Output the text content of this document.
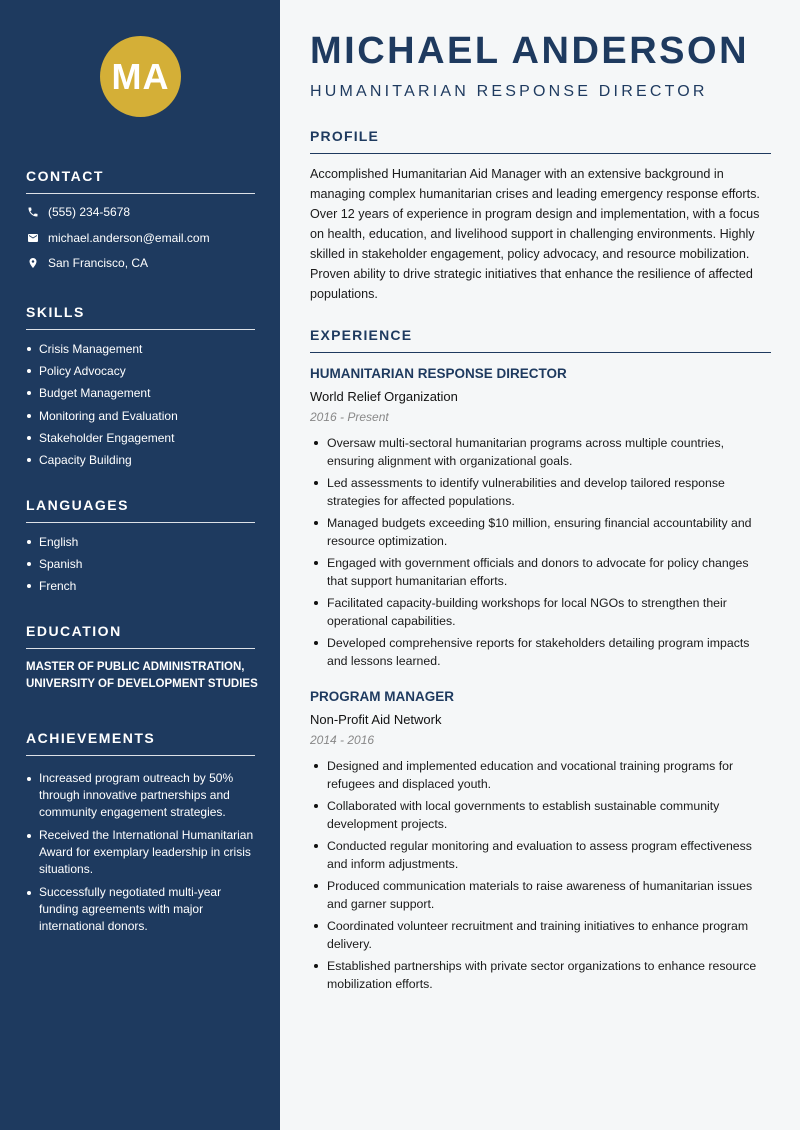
MA
CONTACT
(555) 234-5678
michael.anderson@email.com
San Francisco, CA
SKILLS
Crisis Management
Policy Advocacy
Budget Management
Monitoring and Evaluation
Stakeholder Engagement
Capacity Building
LANGUAGES
English
Spanish
French
EDUCATION
MASTER OF PUBLIC ADMINISTRATION, UNIVERSITY OF DEVELOPMENT STUDIES
ACHIEVEMENTS
Increased program outreach by 50% through innovative partnerships and community engagement strategies.
Received the International Humanitarian Award for exemplary leadership in crisis situations.
Successfully negotiated multi-year funding agreements with major international donors.
MICHAEL ANDERSON
HUMANITARIAN RESPONSE DIRECTOR
PROFILE
Accomplished Humanitarian Aid Manager with an extensive background in managing complex humanitarian crises and leading emergency response efforts. Over 12 years of experience in program design and implementation, with a focus on health, education, and livelihood support in challenging environments. Highly skilled in stakeholder engagement, policy advocacy, and resource mobilization. Proven ability to drive strategic initiatives that enhance the resilience of affected populations.
EXPERIENCE
HUMANITARIAN RESPONSE DIRECTOR
World Relief Organization
2016 - Present
Oversaw multi-sectoral humanitarian programs across multiple countries, ensuring alignment with organizational goals.
Led assessments to identify vulnerabilities and develop tailored response strategies for affected populations.
Managed budgets exceeding $10 million, ensuring financial accountability and resource optimization.
Engaged with government officials and donors to advocate for policy changes that support humanitarian efforts.
Facilitated capacity-building workshops for local NGOs to strengthen their operational capabilities.
Developed comprehensive reports for stakeholders detailing program impacts and lessons learned.
PROGRAM MANAGER
Non-Profit Aid Network
2014 - 2016
Designed and implemented education and vocational training programs for refugees and displaced youth.
Collaborated with local governments to establish sustainable community development projects.
Conducted regular monitoring and evaluation to assess program effectiveness and inform adjustments.
Produced communication materials to raise awareness of humanitarian issues and garner support.
Coordinated volunteer recruitment and training initiatives to enhance program delivery.
Established partnerships with private sector organizations to enhance resource mobilization efforts.
